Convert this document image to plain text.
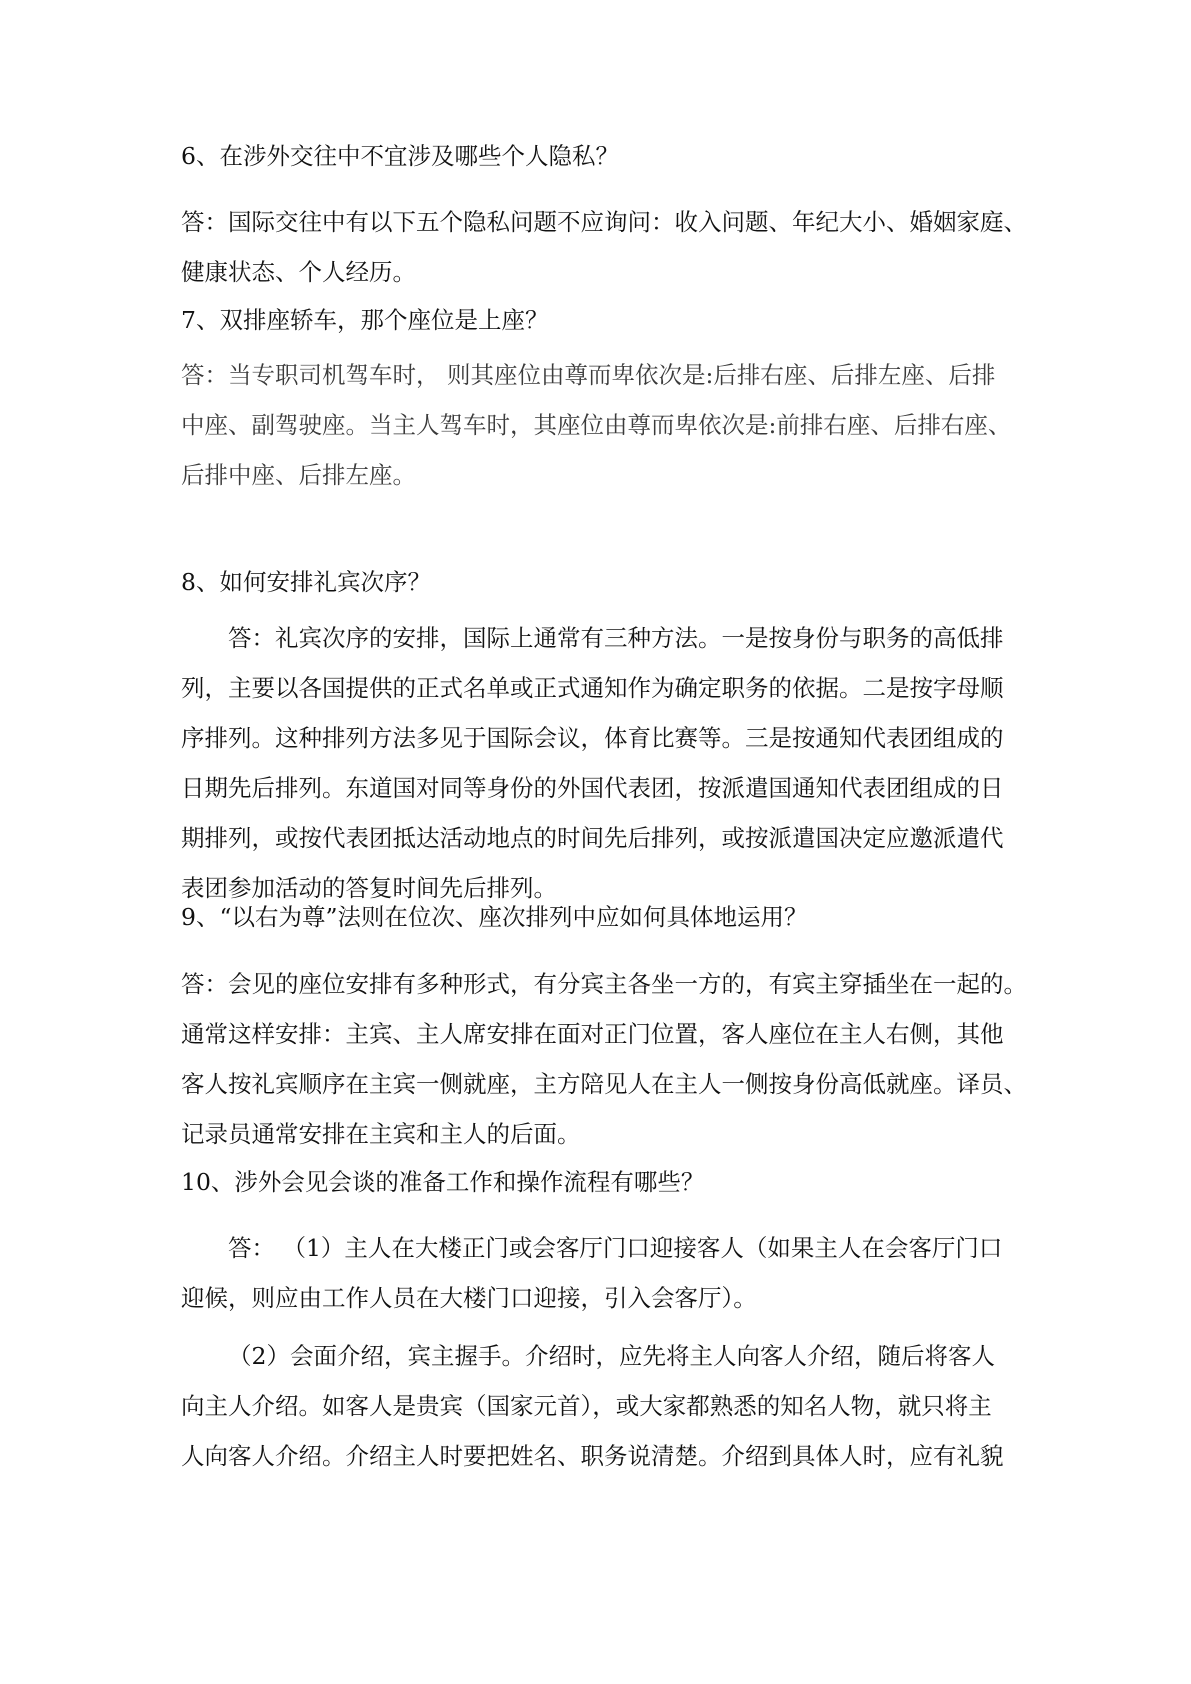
6、在涉外交往中不宜涉及哪些个人隐私？

答：国际交往中有以下五个隐私问题不应询问：收入问题、年纪大小、婚姻家庭、
健康状态、个人经历。

7、双排座轿车，那个座位是上座？

答：当专职司机驾车时， 则其座位由尊而卑依次是:后排右座、后排左座、后排
中座、副驾驶座。当主人驾车时，其座位由尊而卑依次是:前排右座、后排右座、
后排中座、后排左座。

8、如何安排礼宾次序？

答：礼宾次序的安排，国际上通常有三种方法。一是按身份与职务的高低排
列，主要以各国提供的正式名单或正式通知作为确定职务的依据。二是按字母顺
序排列。这种排列方法多见于国际会议，体育比赛等。三是按通知代表团组成的
日期先后排列。东道国对同等身份的外国代表团，按派遣国通知代表团组成的日
期排列，或按代表团抵达活动地点的时间先后排列，或按派遣国决定应邀派遣代
表团参加活动的答复时间先后排列。

9、“以右为尊”法则在位次、座次排列中应如何具体地运用？

答：会见的座位安排有多种形式，有分宾主各坐一方的，有宾主穿插坐在一起的。
通常这样安排：主宾、主人席安排在面对正门位置，客人座位在主人右侧，其他
客人按礼宾顺序在主宾一侧就座，主方陪见人在主人一侧按身份高低就座。译员、
记录员通常安排在主宾和主人的后面。

10、涉外会见会谈的准备工作和操作流程有哪些？

答： （1）主人在大楼正门或会客厅门口迎接客人（如果主人在会客厅门口
迎候，则应由工作人员在大楼门口迎接，引入会客厅）。
（2）会面介绍，宾主握手。介绍时，应先将主人向客人介绍，随后将客人
向主人介绍。如客人是贵宾（国家元首），或大家都熟悉的知名人物，就只将主
人向客人介绍。介绍主人时要把姓名、职务说清楚。介绍到具体人时，应有礼貌
